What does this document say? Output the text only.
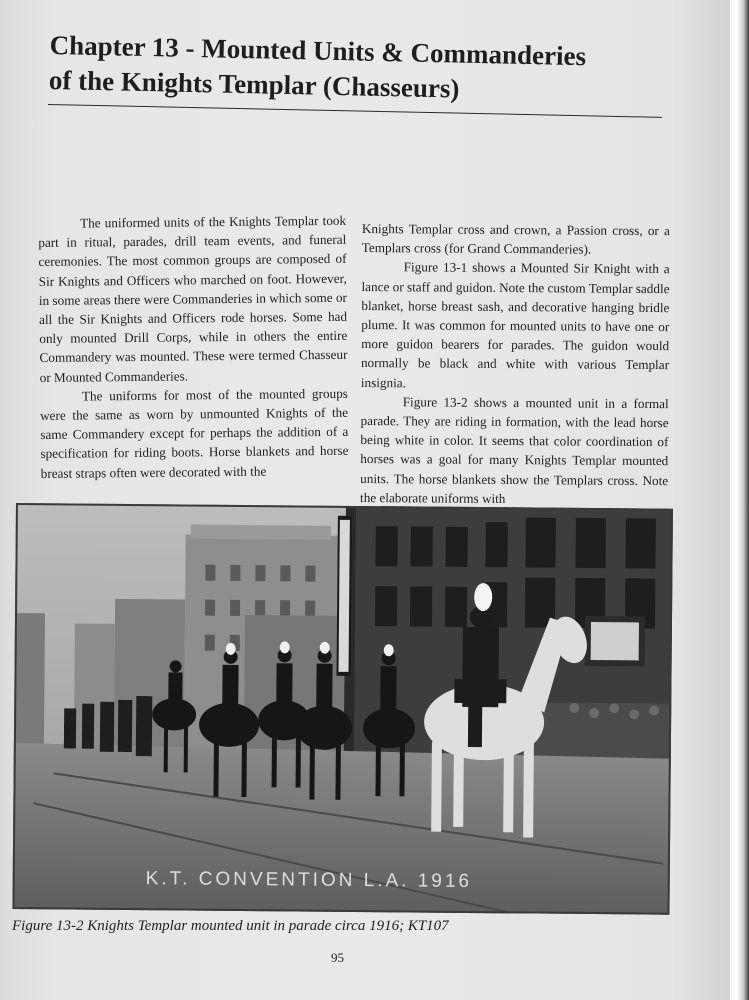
Chapter 13 - Mounted Units & Commanderies
of the Knights Templar (Chasseurs)

The uniformed units of the Knights Templar took part in ritual, parades, drill team events, and funeral ceremonies. The most common groups are composed of Sir Knights and Officers who marched on foot. However, in some areas there were Commanderies in which some or all the Sir Knights and Officers rode horses. Some had only mounted Drill Corps, while in others the entire Commandery was mounted. These were termed Chasseur or Mounted Commanderies.

The uniforms for most of the mounted groups were the same as worn by unmounted Knights of the same Commandery except for perhaps the addition of a specification for riding boots. Horse blankets and horse breast straps often were decorated with the

Knights Templar cross and crown, a Passion cross, or a Templars cross (for Grand Commanderies).

Figure 13-1 shows a Mounted Sir Knight with a lance or staff and guidon. Note the custom Templar saddle blanket, horse breast sash, and decorative hanging bridle plume. It was common for mounted units to have one or more guidon bearers for parades. The guidon would normally be black and white with various Templar insignia.

Figure 13-2 shows a mounted unit in a formal parade. They are riding in formation, with the lead horse being white in color. It seems that color coordination of horses was a goal for many Knights Templar mounted units. The horse blankets show the Templars cross. Note the elaborate uniforms with

K.T. CONVENTION L.A. 1916
Figure 13-2 Knights Templar mounted unit in parade circa 1916; KT107
95
